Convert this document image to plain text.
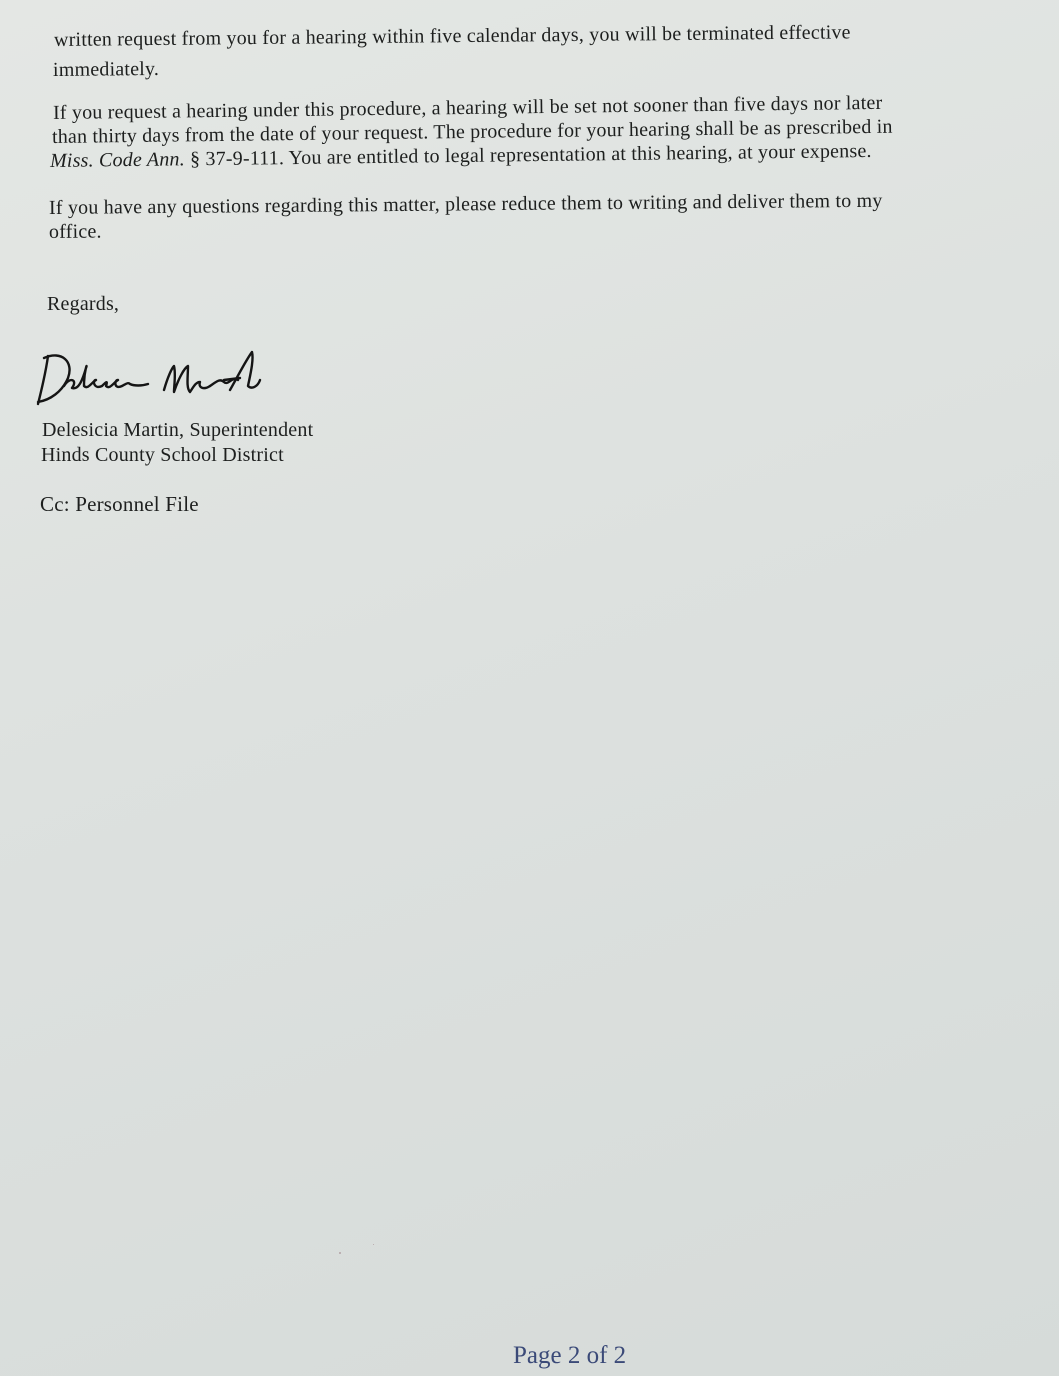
written request from you for a hearing within five calendar days, you will be terminated effective
immediately.
If you request a hearing under this procedure, a hearing will be set not sooner than five days nor later
than thirty days from the date of your request. The procedure for your hearing shall be as prescribed in
Miss. Code Ann. § 37-9-111. You are entitled to legal representation at this hearing, at your expense.
If you have any questions regarding this matter, please reduce them to writing and deliver them to my
office.
Regards,
Delesicia Martin, Superintendent
Hinds County School District
Cc: Personnel File
Page 2 of 2
